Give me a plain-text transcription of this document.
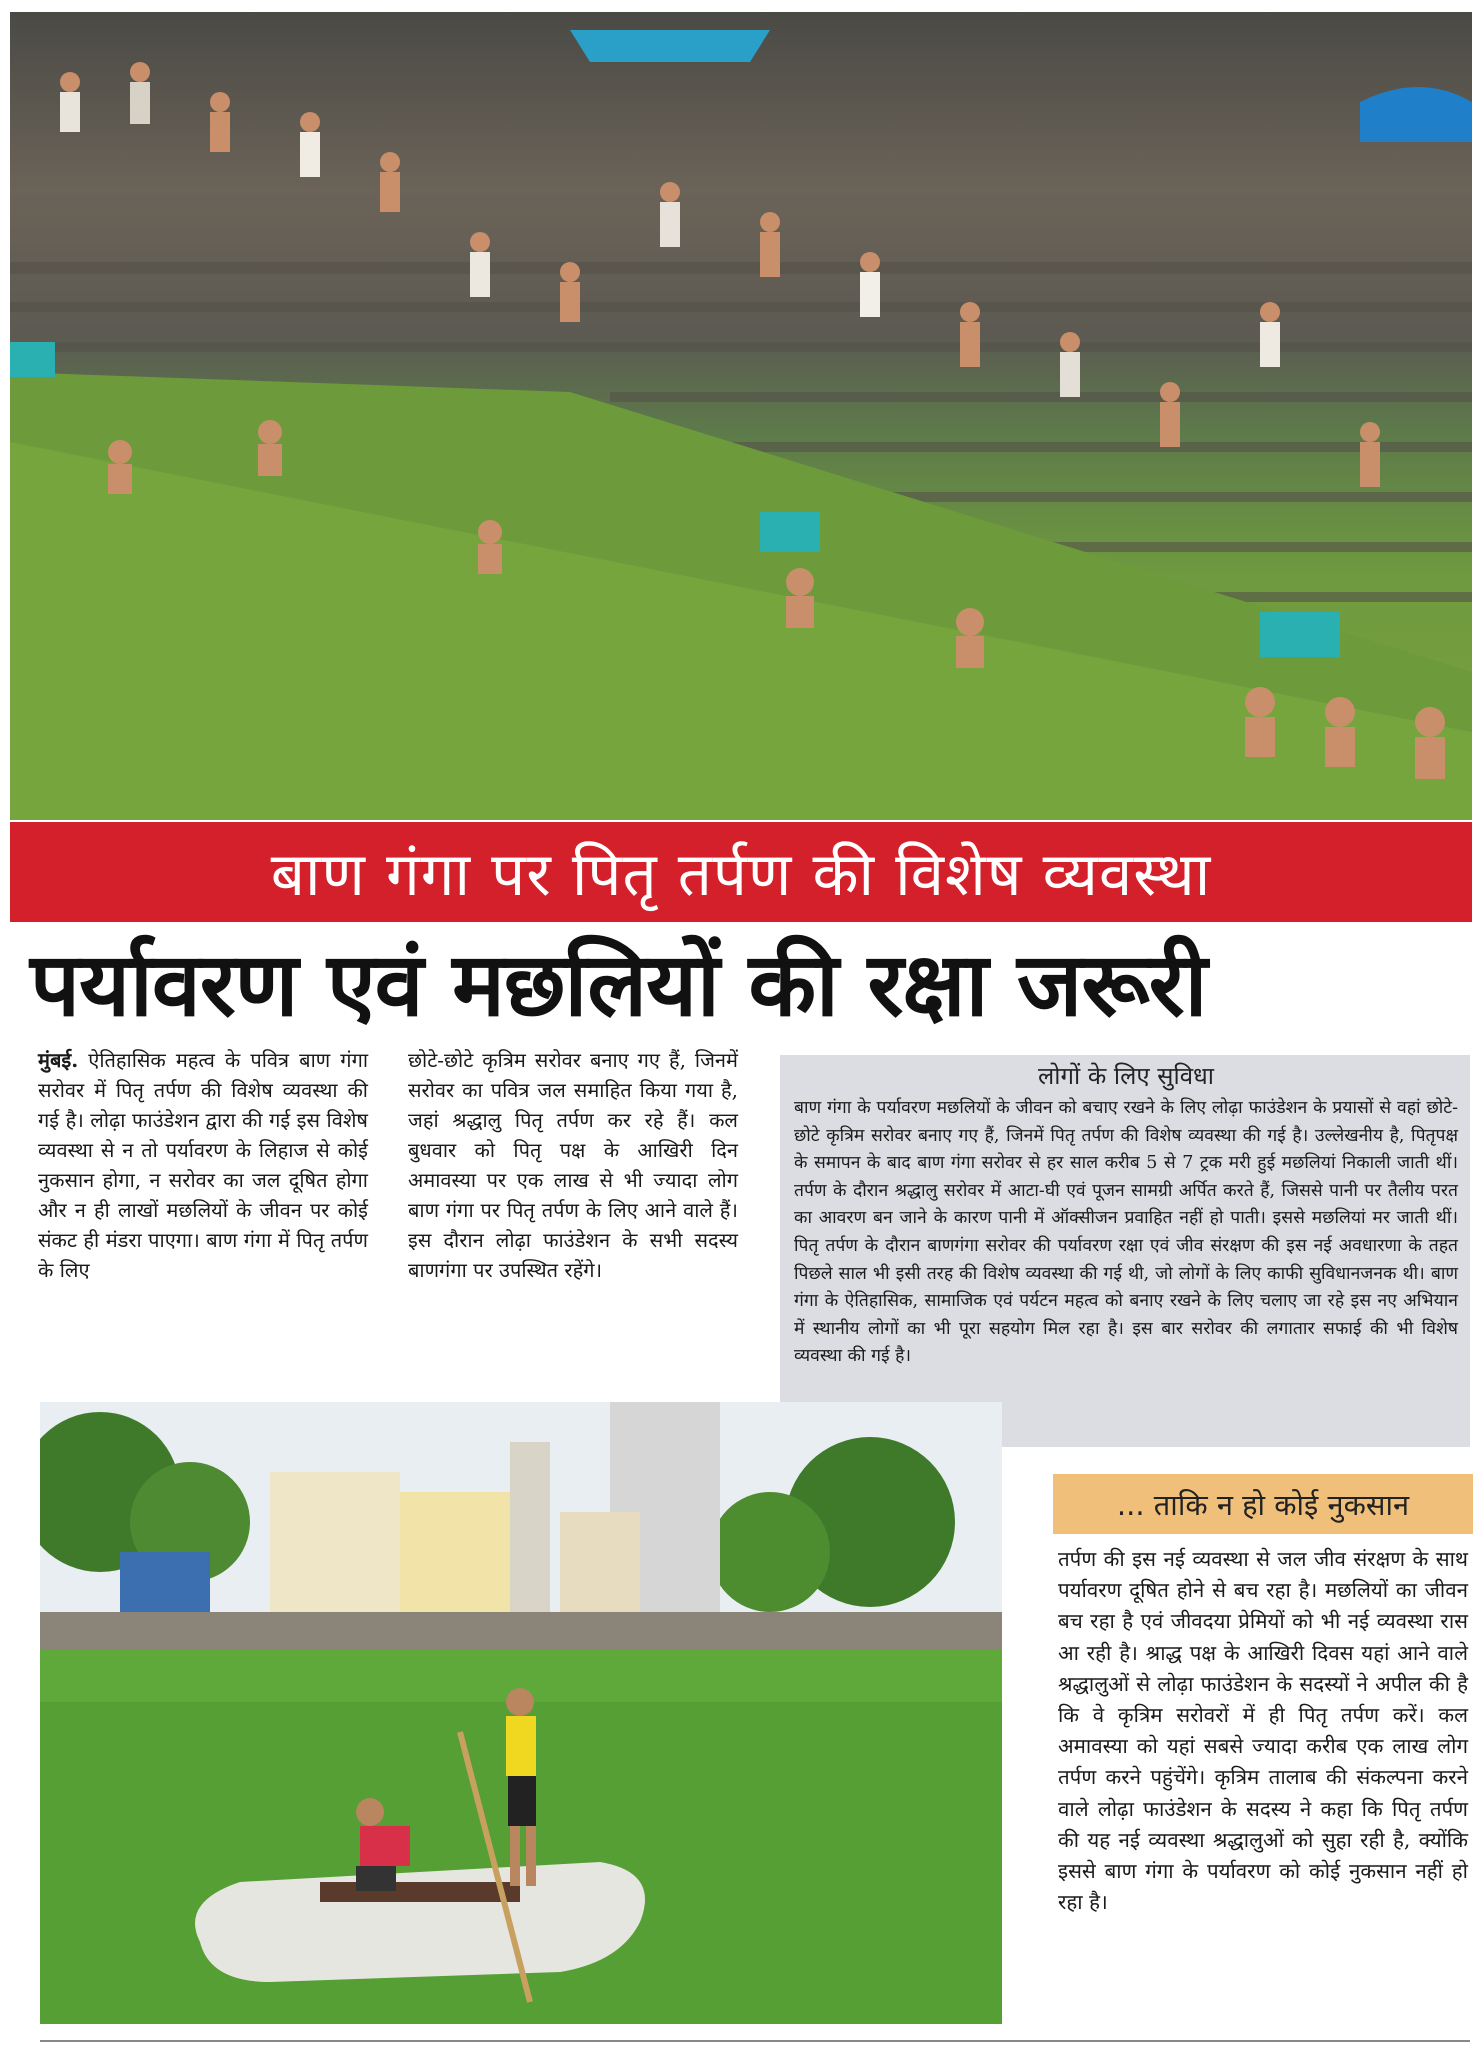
बाण गंगा पर पितृ तर्पण की विशेष व्यवस्था
पर्यावरण एवं मछलियों की रक्षा जरूरी
मुंबई. ऐतिहासिक महत्व के पवित्र बाण गंगा सरोवर में पितृ तर्पण की विशेष व्यवस्था की गई है। लोढ़ा फाउंडेशन द्वारा की गई इस विशेष व्यवस्था से न तो पर्यावरण के लिहाज से कोई नुकसान होगा, न सरोवर का जल दूषित होगा और न ही लाखों मछलियों के जीवन पर कोई संकट ही मंडरा पाएगा। बाण गंगा में पितृ तर्पण के लिए
छोटे-छोटे कृत्रिम सरोवर बनाए गए हैं, जिनमें सरोवर का पवित्र जल समाहित किया गया है, जहां श्रद्धालु पितृ तर्पण कर रहे हैं। कल बुधवार को पितृ पक्ष के आखिरी दिन अमावस्या पर एक लाख से भी ज्यादा लोग बाण गंगा पर पितृ तर्पण के लिए आने वाले हैं। इस दौरान लोढ़ा फाउंडेशन के सभी सदस्य बाणगंगा पर उपस्थित रहेंगे।
लोगों के लिए सुविधा
बाण गंगा के पर्यावरण मछलियों के जीवन को बचाए रखने के लिए लोढ़ा फाउंडेशन के प्रयासों से वहां छोटे-छोटे कृत्रिम सरोवर बनाए गए हैं, जिनमें पितृ तर्पण की विशेष व्यवस्था की गई है। उल्लेखनीय है, पितृपक्ष के समापन के बाद बाण गंगा सरोवर से हर साल करीब 5 से 7 ट्रक मरी हुई मछलियां निकाली जाती थीं। तर्पण के दौरान श्रद्धालु सरोवर में आटा-घी एवं पूजन सामग्री अर्पित करते हैं, जिससे पानी पर तैलीय परत का आवरण बन जाने के कारण पानी में ऑक्सीजन प्रवाहित नहीं हो पाती। इससे मछलियां मर जाती थीं। पितृ तर्पण के दौरान बाणगंगा सरोवर की पर्यावरण रक्षा एवं जीव संरक्षण की इस नई अवधारणा के तहत पिछले साल भी इसी तरह की विशेष व्यवस्था की गई थी, जो लोगों के लिए काफी सुविधानजनक थी। बाण गंगा के ऐतिहासिक, सामाजिक एवं पर्यटन महत्व को बनाए रखने के लिए चलाए जा रहे इस नए अभियान में स्थानीय लोगों का भी पूरा सहयोग मिल रहा है। इस बार सरोवर की लगातार सफाई की भी विशेष व्यवस्था की गई है।
... ताकि न हो कोई नुकसान
तर्पण की इस नई व्यवस्था से जल जीव संरक्षण के साथ पर्यावरण दूषित होने से बच रहा है। मछलियों का जीवन बच रहा है एवं जीवदया प्रेमियों को भी नई व्यवस्था रास आ रही है। श्राद्ध पक्ष के आखिरी दिवस यहां आने वाले श्रद्धालुओं से लोढ़ा फाउंडेशन के सदस्यों ने अपील की है कि वे कृत्रिम सरोवरों में ही पितृ तर्पण करें। कल अमावस्या को यहां सबसे ज्यादा करीब एक लाख लोग तर्पण करने पहुंचेंगे। कृत्रिम तालाब की संकल्पना करने वाले लोढ़ा फाउंडेशन के सदस्य ने कहा कि पितृ तर्पण की यह नई व्यवस्था श्रद्धालुओं को सुहा रही है, क्योंकि इससे बाण गंगा के पर्यावरण को कोई नुकसान नहीं हो रहा है।
